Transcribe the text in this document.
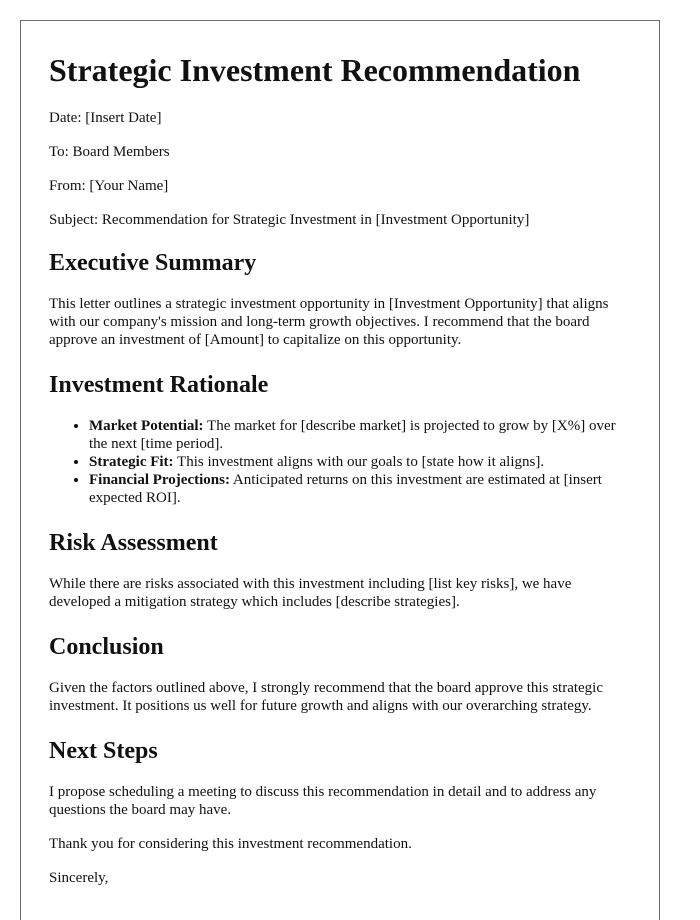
Strategic Investment Recommendation

Date: [Insert Date]

To: Board Members

From: [Your Name]

Subject: Recommendation for Strategic Investment in [Investment Opportunity]

Executive Summary

This letter outlines a strategic investment opportunity in [Investment Opportunity] that aligns with our company's mission and long-term growth objectives. I recommend that the board approve an investment of [Amount] to capitalize on this opportunity.

Investment Rationale
• Market Potential: The market for [describe market] is projected to grow by [X%] over the next [time period].
• Strategic Fit: This investment aligns with our goals to [state how it aligns].
• Financial Projections: Anticipated returns on this investment are estimated at [insert expected ROI].
Risk Assessment

While there are risks associated with this investment including [list key risks], we have developed a mitigation strategy which includes [describe strategies].

Conclusion

Given the factors outlined above, I strongly recommend that the board approve this strategic investment. It positions us well for future growth and aligns with our overarching strategy.

Next Steps

I propose scheduling a meeting to discuss this recommendation in detail and to address any questions the board may have.

Thank you for considering this investment recommendation.

Sincerely,
